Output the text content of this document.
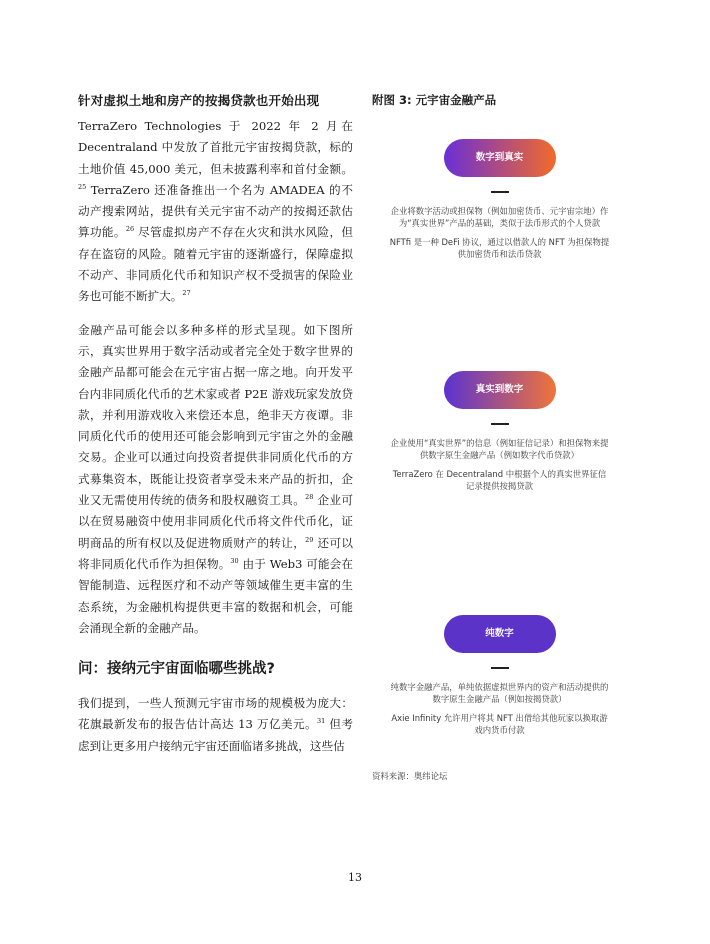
针对虚拟土地和房产的按揭贷款也开始出现

TerraZero Technologies 于 2022 年 2 月在 Decentraland 中发放了首批元宇宙按揭贷款，标的土地价值 45,000 美元，但未披露利率和首付金额。$^{25}$ TerraZero 还准备推出一个名为 AMADEA 的不动产搜索网站，提供有关元宇宙不动产的按揭还款估算功能。$^{26}$ 尽管虚拟房产不存在火灾和洪水风险，但存在盗窃的风险。随着元宇宙的逐渐盛行，保障虚拟不动产、非同质化代币和知识产权不受损害的保险业务也可能不断扩大。$^{27}$

金融产品可能会以多种多样的形式呈现。如下图所示，真实世界用于数字活动或者完全处于数字世界的金融产品都可能会在元宇宙占据一席之地。向开发平台内非同质化代币的艺术家或者 P2E 游戏玩家发放贷款，并利用游戏收入来偿还本息，绝非天方夜谭。非同质化代币的使用还可能会影响到元宇宙之外的金融交易。企业可以通过向投资者提供非同质化代币的方式募集资本，既能让投资者享受未来产品的折扣，企业又无需使用传统的债务和股权融资工具。$^{28}$ 企业可以在贸易融资中使用非同质化代币将文件代币化，证明商品的所有权以及促进物质财产的转让，$^{29}$ 还可以将非同质化代币作为担保物。$^{30}$ 由于 Web3 可能会在智能制造、远程医疗和不动产等领域催生更丰富的生态系统，为金融机构提供更丰富的数据和机会，可能会涌现全新的金融产品。

问：接纳元宇宙面临哪些挑战?

我们提到，一些人预测元宇宙市场的规模极为庞大：花旗最新发布的报告估计高达 13 万亿美元。$^{31}$ 但考虑到让更多用户接纳元宇宙还面临诸多挑战，这些估

附图 3: 元宇宙金融产品
数字到真实
企业将数字活动或担保物（例如加密货币、元宇宙宗地）作为“真实世界”产品的基础，类似于法币形式的个人贷款
NFTfi 是一种 DeFi 协议，通过以借款人的 NFT 为担保物提供加密货币和法币贷款
真实到数字
企业使用“真实世界”的信息（例如征信记录）和担保物来提供数字原生金融产品（例如数字代币贷款）
TerraZero 在 Decentraland 中根据个人的真实世界征信记录提供按揭贷款
纯数字
纯数字金融产品，单纯依据虚拟世界内的资产和活动提供的数字原生金融产品（例如按揭贷款）
Axie Infinity 允许用户将其 NFT 出借给其他玩家以换取游戏内货币付款
资料来源：奥纬论坛
13
